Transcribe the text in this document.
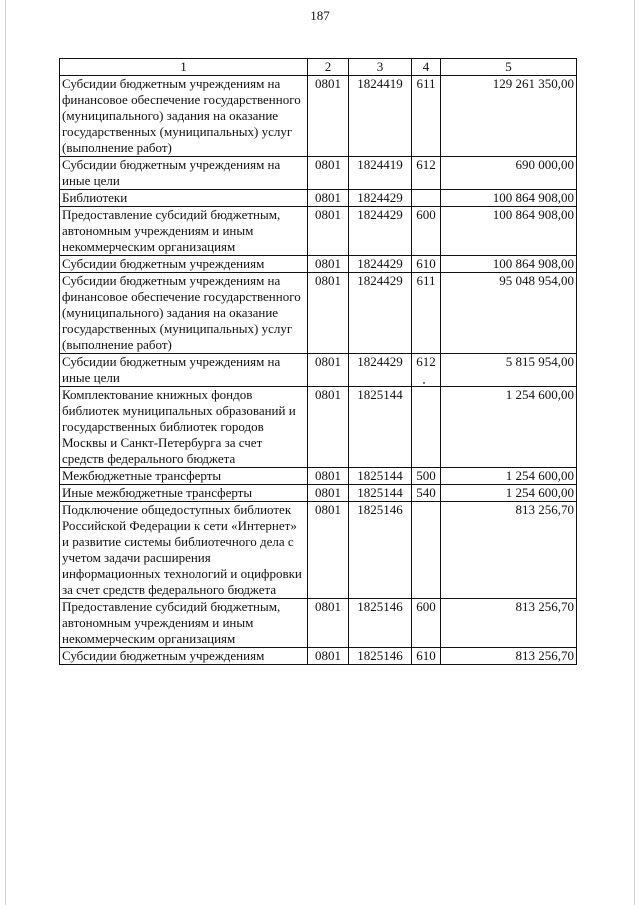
187
1	2	3	4	5
Субсидии бюджетным учреждениям на финансовое обеспечение государственного (муниципального) задания на оказание государственных (муниципальных) услуг (выполнение работ)	0801	1824419	611	129 261 350,00
Субсидии бюджетным учреждениям на иные цели	0801	1824419	612	690 000,00
Библиотеки	0801	1824429		100 864 908,00
Предоставление субсидий бюджетным, автономным учреждениям и иным некоммерческим организациям	0801	1824429	600	100 864 908,00
Субсидии бюджетным учреждениям	0801	1824429	610	100 864 908,00
Субсидии бюджетным учреждениям на финансовое обеспечение государственного (муниципального) задания на оказание государственных (муниципальных) услуг (выполнение работ)	0801	1824429	611	95 048 954,00
Субсидии бюджетным учреждениям на иные цели	0801	1824429	612	5 815 954,00
Комплектование книжных фондов библиотек муниципальных образований и государственных библиотек городов Москвы и Санкт-Петербурга за счет средств федерального бюджета	0801	1825144		1 254 600,00
Межбюджетные трансферты	0801	1825144	500	1 254 600,00
Иные межбюджетные трансферты	0801	1825144	540	1 254 600,00
Подключение общедоступных библиотек Российской Федерации к сети «Интернет» и развитие системы библиотечного дела с учетом задачи расширения информационных технологий и оцифровки за счет средств федерального бюджета	0801	1825146		813 256,70
Предоставление субсидий бюджетным, автономным учреждениям и иным некоммерческим организациям	0801	1825146	600	813 256,70
Субсидии бюджетным учреждениям	0801	1825146	610	813 256,70
